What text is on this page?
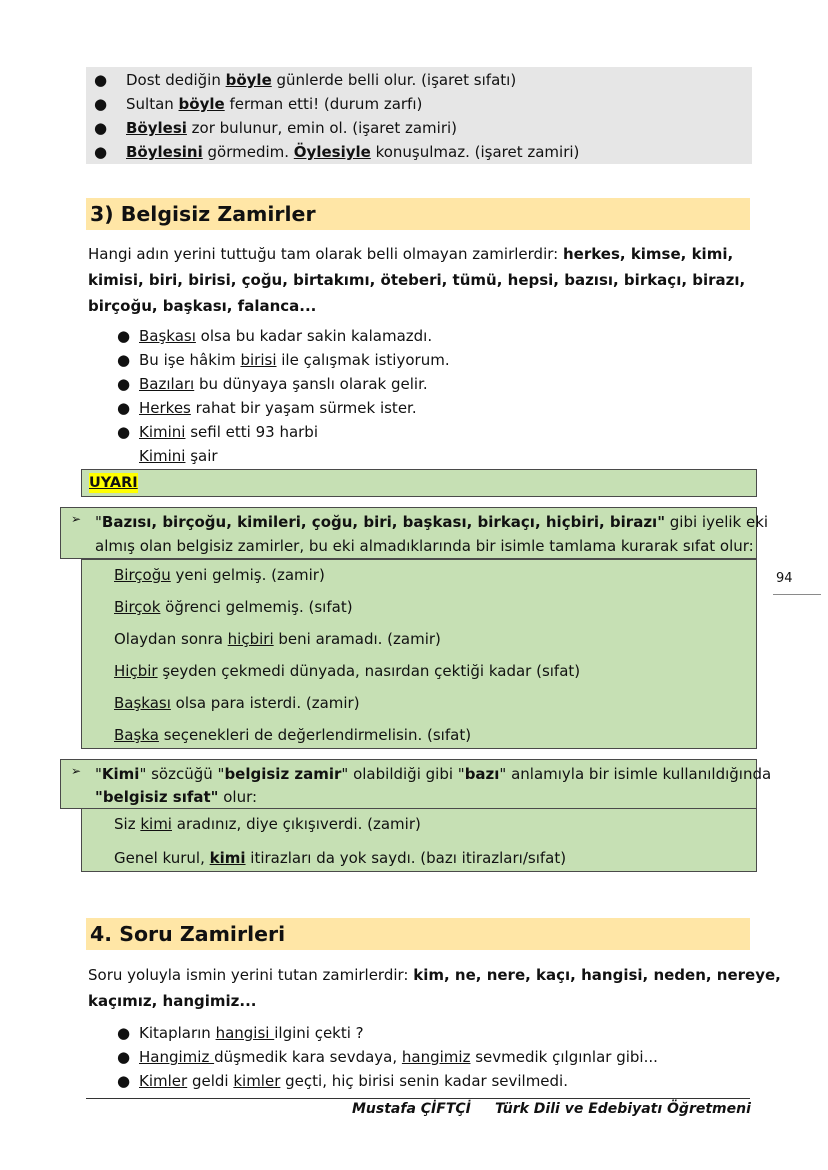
● Dost dediğin böyle günlerde belli olur. (işaret sıfatı)
● Sultan böyle ferman etti! (durum zarfı)
● Böylesi zor bulunur, emin ol. (işaret zamiri)
● Böylesini görmedim. Öylesiyle konuşulmaz. (işaret zamiri)
3) Belgisiz Zamirler
Hangi adın yerini tuttuğu tam olarak belli olmayan zamirlerdir: herkes, kimse, kimi,
kimisi, biri, birisi, çoğu, birtakımı, öteberi, tümü, hepsi, bazısı, birkaçı, birazı,
birçoğu, başkası, falanca...
● Başkası olsa bu kadar sakin kalamazdı.
● Bu işe hâkim birisi ile çalışmak istiyorum.
● Bazıları bu dünyaya şanslı olarak gelir.
● Herkes rahat bir yaşam sürmek ister.
● Kimini sefil etti 93 harbi
Kimini şair
UYARI
➢ "Bazısı, birçoğu, kimileri, çoğu, biri, başkası, birkaçı, hiçbiri, birazı" gibi iyelik eki
almış olan belgisiz zamirler, bu eki almadıklarında bir isimle tamlama kurarak sıfat olur:
Birçoğu yeni gelmiş. (zamir)
Birçok öğrenci gelmemiş. (sıfat)
Olaydan sonra hiçbiri beni aramadı. (zamir)
Hiçbir şeyden çekmedi dünyada, nasırdan çektiği kadar (sıfat)
Başkası olsa para isterdi. (zamir)
Başka seçenekleri de değerlendirmelisin. (sıfat)
94
➢ "Kimi" sözcüğü "belgisiz zamir" olabildiği gibi "bazı" anlamıyla bir isimle kullanıldığında
"belgisiz sıfat" olur:
Siz kimi aradınız, diye çıkışıverdi. (zamir)
Genel kurul, kimi itirazları da yok saydı. (bazı itirazları/sıfat)
4. Soru Zamirleri
Soru yoluyla ismin yerini tutan zamirlerdir: kim, ne, nere, kaçı, hangisi, neden, nereye,
kaçımız, hangimiz...
● Kitapların hangisi ilgini çekti ?
● Hangimiz düşmedik kara sevdaya, hangimiz sevmedik çılgınlar gibi...
● Kimler geldi kimler geçti, hiç birisi senin kadar sevilmedi.
Mustafa ÇİFTÇİ Türk Dili ve Edebiyatı Öğretmeni
